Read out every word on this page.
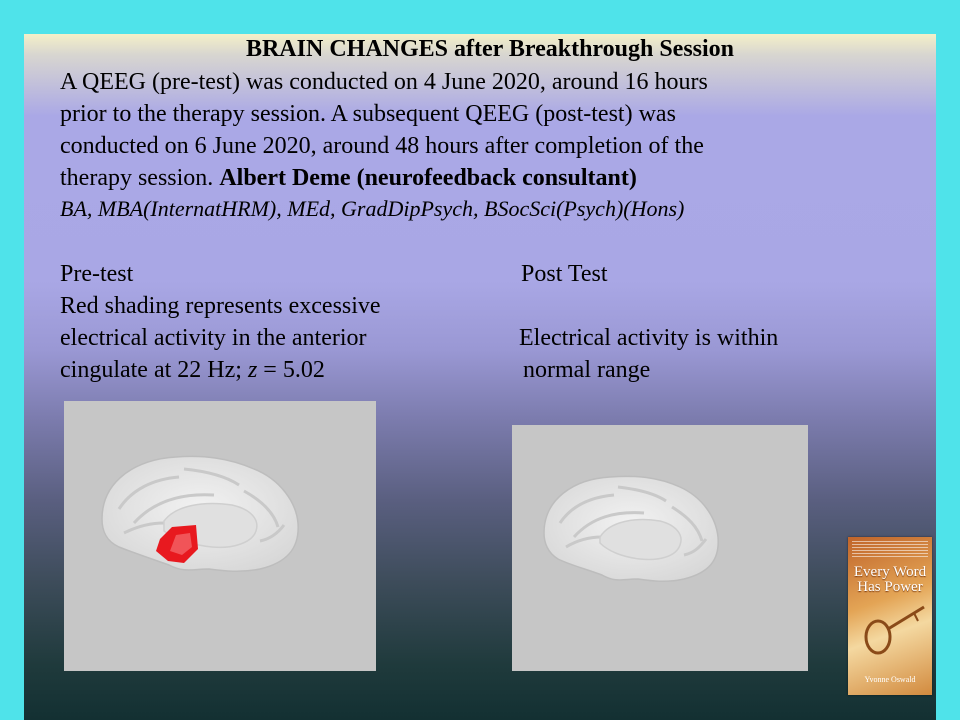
BRAIN CHANGES after Breakthrough Session
A QEEG (pre-test) was conducted on 4 June 2020, around 16 hours
prior to the therapy session. A subsequent QEEG (post-test) was
conducted on 6 June 2020, around 48 hours after completion of the
therapy session. Albert Deme (neurofeedback consultant)
BA, MBA(InternatHRM), MEd, GradDipPsych, BSocSci(Psych)(Hons)
Pre-test
Red shading represents excessive
electrical activity in the anterior
cingulate at 22 Hz; z = 5.02
Post Test
Electrical activity is within
normal range
Every Word
Has Power
Yvonne Oswald
